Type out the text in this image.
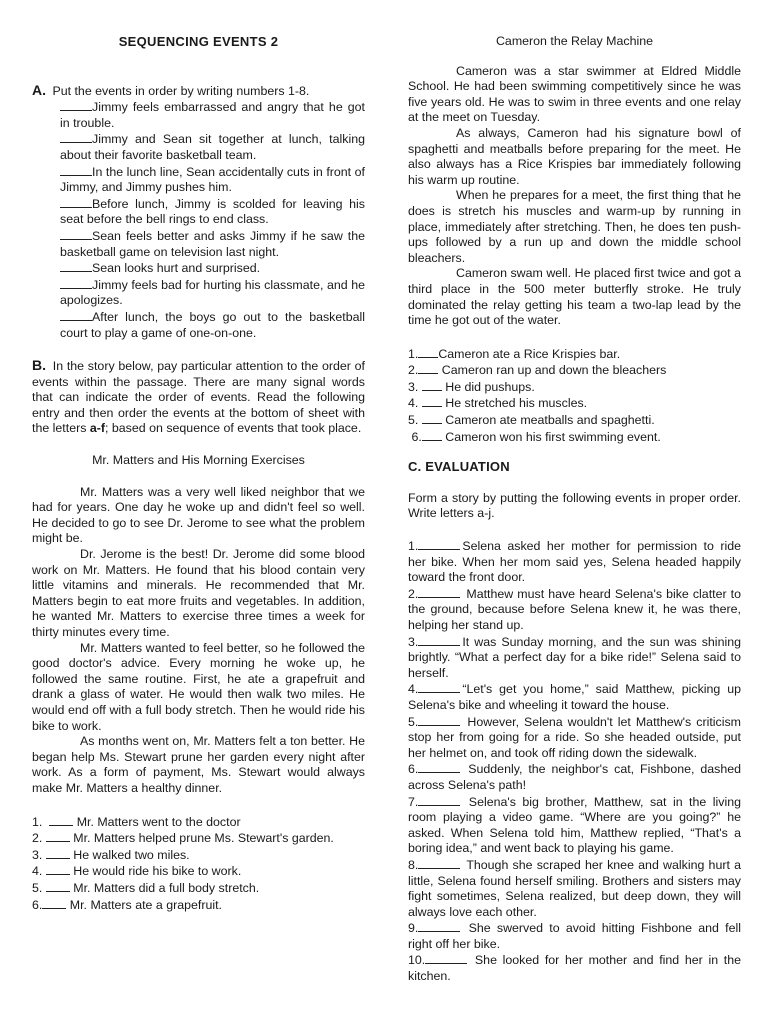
SEQUENCING EVENTS 2

A. Put the events in order by writing numbers 1-8.

Jimmy feels embarrassed and angry that he got in trouble.

Jimmy and Sean sit together at lunch, talking about their favorite basketball team.

In the lunch line, Sean accidentally cuts in front of Jimmy, and Jimmy pushes him.

Before lunch, Jimmy is scolded for leaving his seat before the bell rings to end class.

Sean feels better and asks Jimmy if he saw the basketball game on television last night.

Sean looks hurt and surprised.

Jimmy feels bad for hurting his classmate, and he apologizes.

After lunch, the boys go out to the basketball court to play a game of one-on-one.

B. In the story below, pay particular attention to the order of events within the passage. There are many signal words that can indicate the order of events. Read the following entry and then order the events at the bottom of sheet with the letters a-f; based on sequence of events that took place.

Mr. Matters and His Morning Exercises

Mr. Matters was a very well liked neighbor that we had for years. One day he woke up and didn't feel so well. He decided to go to see Dr. Jerome to see what the problem might be.

Dr. Jerome is the best! Dr. Jerome did some blood work on Mr. Matters. He found that his blood contain very little vitamins and minerals. He recommended that Mr. Matters begin to eat more fruits and vegetables. In addition, he wanted Mr. Matters to exercise three times a week for thirty minutes every time.

Mr. Matters wanted to feel better, so he followed the good doctor's advice. Every morning he woke up, he followed the same routine. First, he ate a grapefruit and drank a glass of water. He would then walk two miles. He would end off with a full body stretch. Then he would ride his bike to work.

As months went on, Mr. Matters felt a ton better. He began help Ms. Stewart prune her garden every night after work. As a form of payment, Ms. Stewart would always make Mr. Matters a healthy dinner.

1.	Mr. Matters went to the doctor
2. Mr. Matters helped prune Ms. Stewart's garden.
3. He walked two miles.
4. He would ride his bike to work.
5. Mr. Matters did a full body stretch.
6. Mr. Matters ate a grapefruit.
Cameron the Relay Machine

Cameron was a star swimmer at Eldred Middle School. He had been swimming competitively since he was five years old. He was to swim in three events and one relay at the meet on Tuesday.

As always, Cameron had his signature bowl of spaghetti and meatballs before preparing for the meet. He also always has a Rice Krispies bar immediately following his warm up routine.

When he prepares for a meet, the first thing that he does is stretch his muscles and warm-up by running in place, immediately after stretching. Then, he does ten push-ups followed by a run up and down the middle school bleachers.

Cameron swam well. He placed first twice and got a third place in the 500 meter butterfly stroke. He truly dominated the relay getting his team a two-lap lead by the time he got out of the water.

1. Cameron ate a Rice Krispies bar.
2. Cameron ran up and down the bleachers
3. He did pushups.
4. He stretched his muscles.
5. Cameron ate meatballs and spaghetti.
6. Cameron won his first swimming event.
C. EVALUATION

Form a story by putting the following events in proper order. Write letters a-j.

1.	Selena asked her mother for permission to ride her bike. When her mom said yes, Selena headed happily toward the front door.

2.	Matthew must have heard Selena's bike clatter to the ground, because before Selena knew it, he was there, helping her stand up.

3.	It was Sunday morning, and the sun was shining brightly. “What a perfect day for a bike ride!” Selena said to herself.

4.	“Let's get you home,” said Matthew, picking up Selena's bike and wheeling it toward the house.

5.	However, Selena wouldn't let Matthew's criticism stop her from going for a ride. So she headed outside, put her helmet on, and took off riding down the sidewalk.

6.	Suddenly, the neighbor's cat, Fishbone, dashed across Selena's path!

7.	Selena's big brother, Matthew, sat in the living room playing a video game. “Where are you going?” he asked. When Selena told him, Matthew replied, “That's a boring idea,” and went back to playing his game.

8.	Though she scraped her knee and walking hurt a little, Selena found herself smiling. Brothers and sisters may fight sometimes, Selena realized, but deep down, they will always love each other.

9.	She swerved to avoid hitting Fishbone and fell right off her bike.

10.	She looked for her mother and find her in the kitchen.
